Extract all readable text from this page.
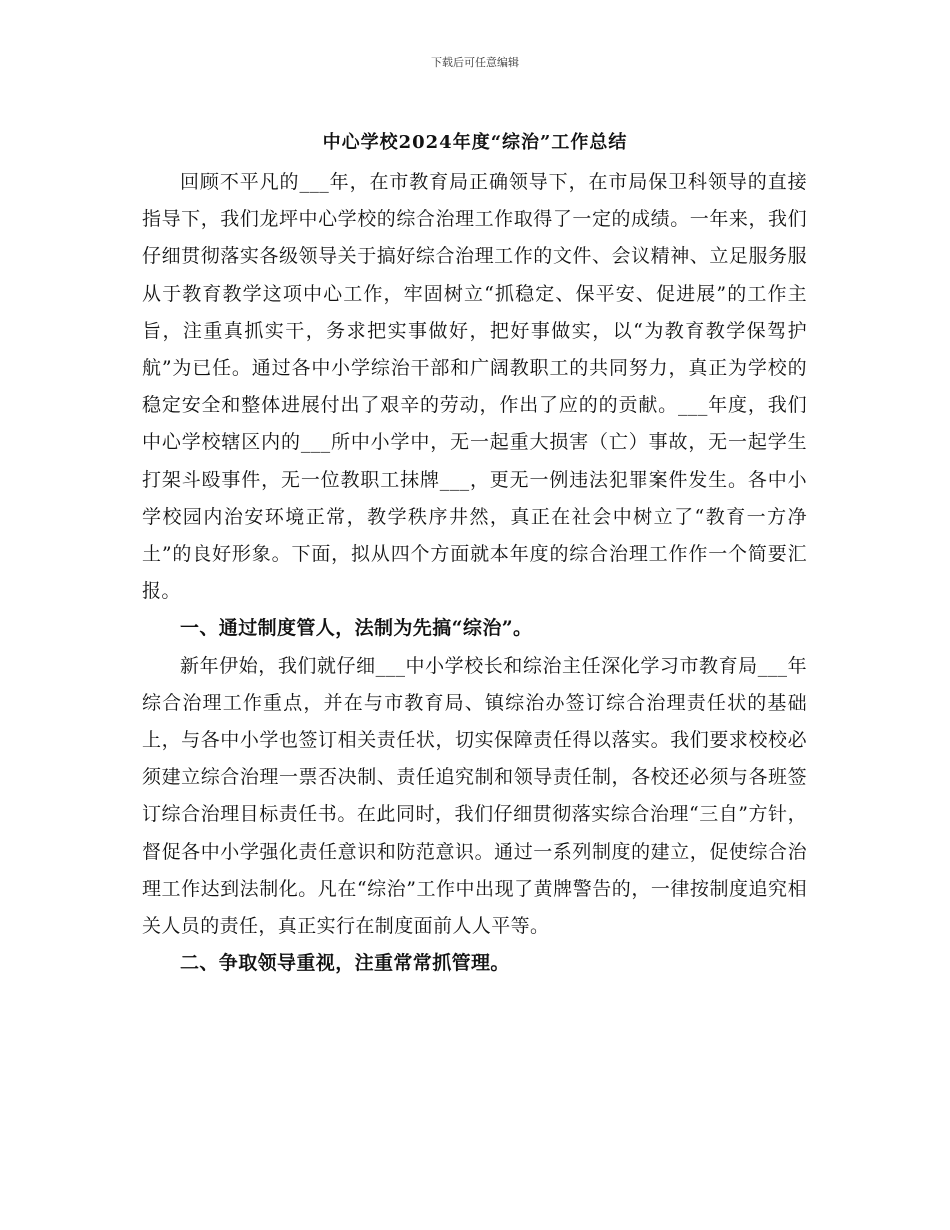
下载后可任意编辑
中心学校2024年度“综治”工作总结

回顾不平凡的___年，在市教育局正确领导下，在市局保卫科领导的直接指导下，我们龙坪中心学校的综合治理工作取得了一定的成绩。一年来，我们仔细贯彻落实各级领导关于搞好综合治理工作的文件、会议精神、立足服务服从于教育教学这项中心工作，牢固树立“抓稳定、保平安、促进展”的工作主旨，注重真抓实干，务求把实事做好，把好事做实，以“为教育教学保驾护航”为已任。通过各中小学综治干部和广阔教职工的共同努力，真正为学校的稳定安全和整体进展付出了艰辛的劳动，作出了应的的贡献。___年度，我们中心学校辖区内的___所中小学中，无一起重大损害（亡）事故，无一起学生打架斗殴事件，无一位教职工抹牌___，更无一例违法犯罪案件发生。各中小学校园内治安环境正常，教学秩序井然，真正在社会中树立了“教育一方净土”的良好形象。下面，拟从四个方面就本年度的综合治理工作作一个简要汇报。

一、通过制度管人，法制为先搞“综治”。

新年伊始，我们就仔细___中小学校长和综治主任深化学习市教育局___年综合治理工作重点，并在与市教育局、镇综治办签订综合治理责任状的基础上，与各中小学也签订相关责任状，切实保障责任得以落实。我们要求校校必须建立综合治理一票否决制、责任追究制和领导责任制，各校还必须与各班签订综合治理目标责任书。在此同时，我们仔细贯彻落实综合治理“三自”方针，督促各中小学强化责任意识和防范意识。通过一系列制度的建立，促使综合治理工作达到法制化。凡在“综治”工作中出现了黄牌警告的，一律按制度追究相关人员的责任，真正实行在制度面前人人平等。

二、争取领导重视，注重常常抓管理。
